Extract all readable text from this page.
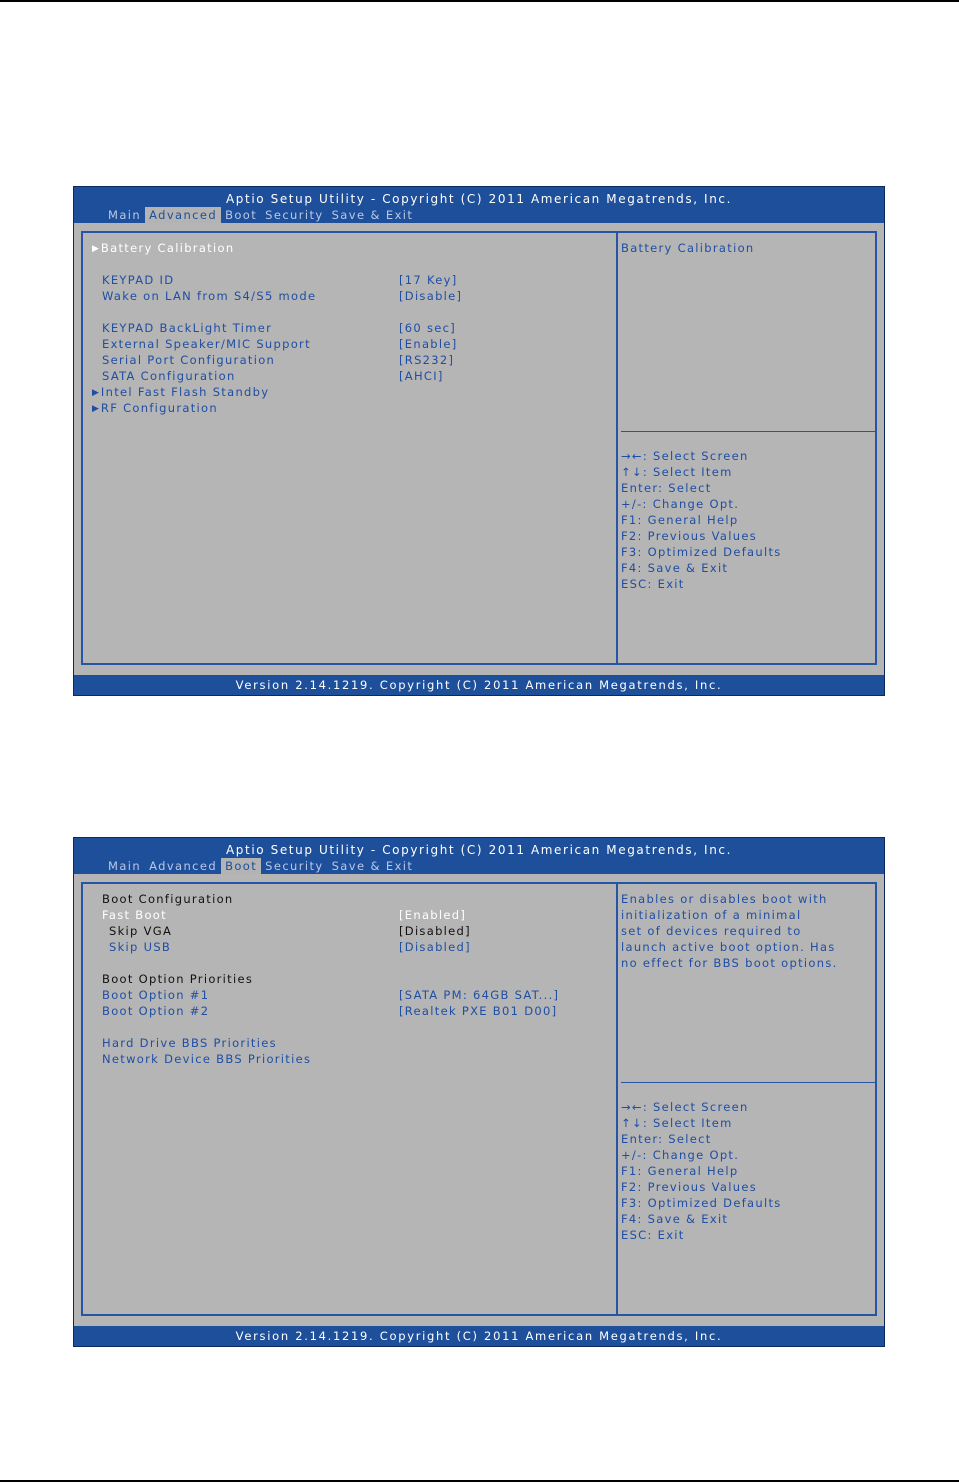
Aptio Setup Utility - Copyright (C) 2011 American Megatrends, Inc.
Main Advanced Boot Security Save & Exit
▶ Battery Calibration
KEYPAD ID	[17 Key]
Wake on LAN from S4/S5 mode	[Disable]
KEYPAD BackLight Timer	[60 sec]
External Speaker/MIC Support	[Enable]
Serial Port Configuration	[RS232]
SATA Configuration	[AHCI]
▶ Intel Fast Flash Standby
▶ RF Configuration
Battery Calibration
→←: Select Screen
↑↓: Select Item
Enter: Select
+/-: Change Opt.
F1: General Help
F2: Previous Values
F3: Optimized Defaults
F4: Save & Exit
ESC: Exit
Version 2.14.1219. Copyright (C) 2011 American Megatrends, Inc.
Aptio Setup Utility - Copyright (C) 2011 American Megatrends, Inc.
Main Advanced Boot Security Save & Exit
Boot Configuration
Fast Boot	[Enabled]
Skip VGA	[Disabled]
Skip USB	[Disabled]
Boot Option Priorities
Boot Option #1	[SATA PM: 64GB SAT...]
Boot Option #2	[Realtek PXE B01 D00]
Hard Drive BBS Priorities
Network Device BBS Priorities
Enables or disables boot with
initialization of a minimal
set of devices required to
launch active boot option. Has
no effect for BBS boot options.
→←: Select Screen
↑↓: Select Item
Enter: Select
+/-: Change Opt.
F1: General Help
F2: Previous Values
F3: Optimized Defaults
F4: Save & Exit
ESC: Exit
Version 2.14.1219. Copyright (C) 2011 American Megatrends, Inc.
